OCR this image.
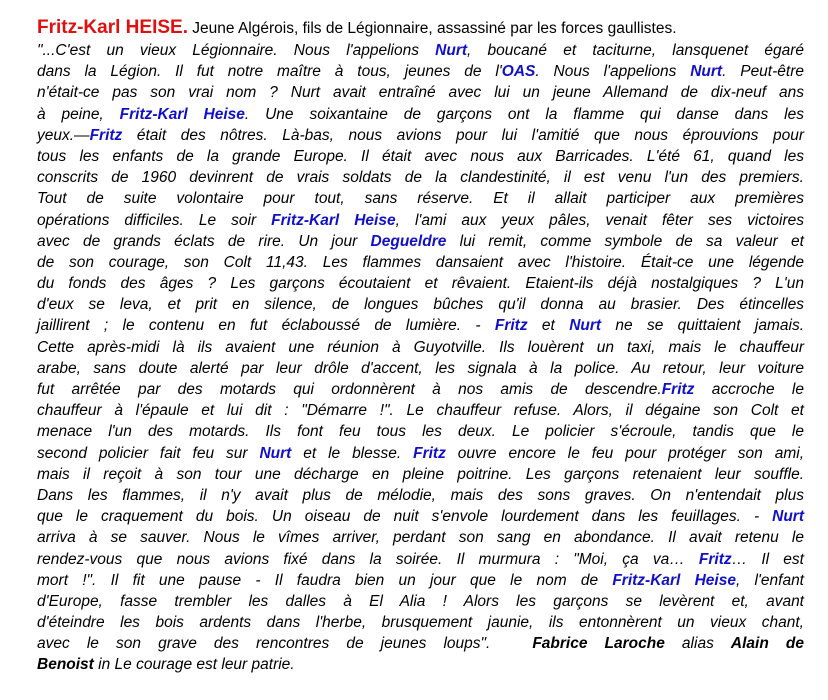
Fritz-Karl HEISE. Jeune Algérois, fils de Légionnaire, assassiné par les forces gaullistes.
"...C'est un vieux Légionnaire. Nous l'appelions Nurt, boucané et taciturne, lansquenet égaré
dans la Légion. Il fut notre maître à tous, jeunes de l'OAS. Nous l'appelions Nurt. Peut-être
n'était-ce pas son vrai nom ? Nurt avait entraîné avec lui un jeune Allemand de dix-neuf ans
à peine, Fritz-Karl Heise. Une soixantaine de garçons ont la flamme qui danse dans les
yeux.—Fritz était des nôtres. Là-bas, nous avions pour lui l'amitié que nous éprouvions pour
tous les enfants de la grande Europe. Il était avec nous aux Barricades. L'été 61, quand les
conscrits de 1960 devinrent de vrais soldats de la clandestinité, il est venu l'un des premiers.
Tout de suite volontaire pour tout, sans réserve. Et il allait participer aux premières
opérations difficiles. Le soir Fritz-Karl Heise, l'ami aux yeux pâles, venait fêter ses victoires
avec de grands éclats de rire. Un jour Degueldre lui remit, comme symbole de sa valeur et
de son courage, son Colt 11,43. Les flammes dansaient avec l'histoire. Était-ce une légende
du fonds des âges ? Les garçons écoutaient et rêvaient. Etaient-ils déjà nostalgiques ? L'un
d'eux se leva, et prit en silence, de longues bûches qu'il donna au brasier. Des étincelles
jaillirent ; le contenu en fut éclaboussé de lumière. - Fritz et Nurt ne se quittaient jamais.
Cette après-midi là ils avaient une réunion à Guyotville. Ils louèrent un taxi, mais le chauffeur
arabe, sans doute alerté par leur drôle d'accent, les signala à la police. Au retour, leur voiture
fut arrêtée par des motards qui ordonnèrent à nos amis de descendre.Fritz accroche le
chauffeur à l'épaule et lui dit : "Démarre !". Le chauffeur refuse. Alors, il dégaine son Colt et
menace l'un des motards. Ils font feu tous les deux. Le policier s'écroule, tandis que le
second policier fait feu sur Nurt et le blesse. Fritz ouvre encore le feu pour protéger son ami,
mais il reçoit à son tour une décharge en pleine poitrine. Les garçons retenaient leur souffle.
Dans les flammes, il n'y avait plus de mélodie, mais des sons graves. On n'entendait plus
que le craquement du bois. Un oiseau de nuit s'envole lourdement dans les feuillages. - Nurt
arriva à se sauver. Nous le vîmes arriver, perdant son sang en abondance. Il avait retenu le
rendez-vous que nous avions fixé dans la soirée. Il murmura : "Moi, ça va… Fritz… Il est
mort !". Il fit une pause - Il faudra bien un jour que le nom de Fritz-Karl Heise, l'enfant
d'Europe, fasse trembler les dalles à El Alia ! Alors les garçons se levèrent et, avant
d'éteindre les bois ardents dans l'herbe, brusquement jaunie, ils entonnèrent un vieux chant,
avec le son grave des rencontres de jeunes loups".	Fabrice Laroche alias Alain de
Benoist in Le courage est leur patrie.
